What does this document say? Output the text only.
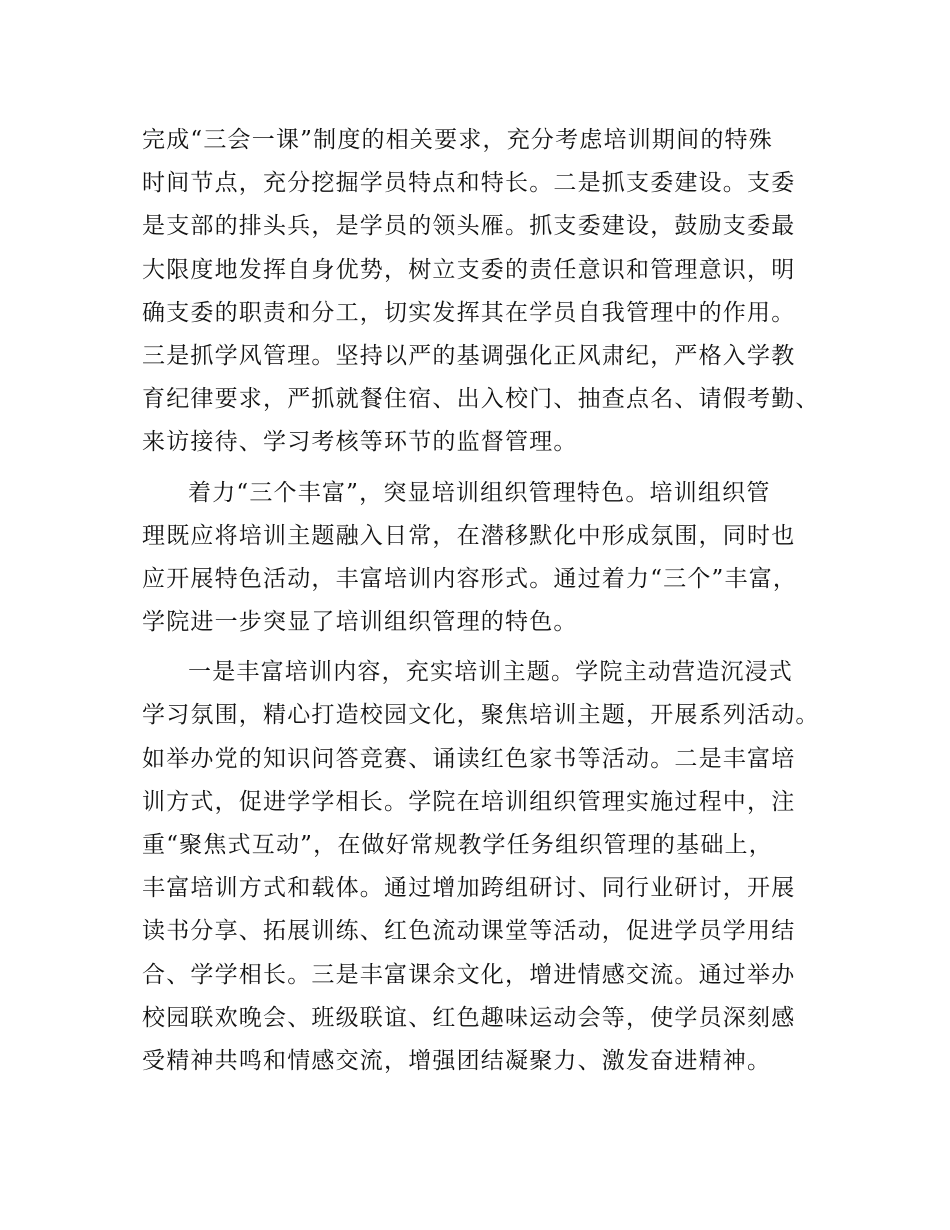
完成“三会一课”制度的相关要求，充分考虑培训期间的特殊
时间节点，充分挖掘学员特点和特长。二是抓支委建设。支委
是支部的排头兵，是学员的领头雁。抓支委建设，鼓励支委最
大限度地发挥自身优势，树立支委的责任意识和管理意识，明
确支委的职责和分工，切实发挥其在学员自我管理中的作用。
三是抓学风管理。坚持以严的基调强化正风肃纪，严格入学教
育纪律要求，严抓就餐住宿、出入校门、抽查点名、请假考勤、
来访接待、学习考核等环节的监督管理。
着力“三个丰富”，突显培训组织管理特色。培训组织管
理既应将培训主题融入日常，在潜移默化中形成氛围，同时也
应开展特色活动，丰富培训内容形式。通过着力“三个”丰富，
学院进一步突显了培训组织管理的特色。
一是丰富培训内容，充实培训主题。学院主动营造沉浸式
学习氛围，精心打造校园文化，聚焦培训主题，开展系列活动。
如举办党的知识问答竞赛、诵读红色家书等活动。二是丰富培
训方式，促进学学相长。学院在培训组织管理实施过程中，注
重“聚焦式互动”，在做好常规教学任务组织管理的基础上，
丰富培训方式和载体。通过增加跨组研讨、同行业研讨，开展
读书分享、拓展训练、红色流动课堂等活动，促进学员学用结
合、学学相长。三是丰富课余文化，增进情感交流。通过举办
校园联欢晚会、班级联谊、红色趣味运动会等，使学员深刻感
受精神共鸣和情感交流，增强团结凝聚力、激发奋进精神。
